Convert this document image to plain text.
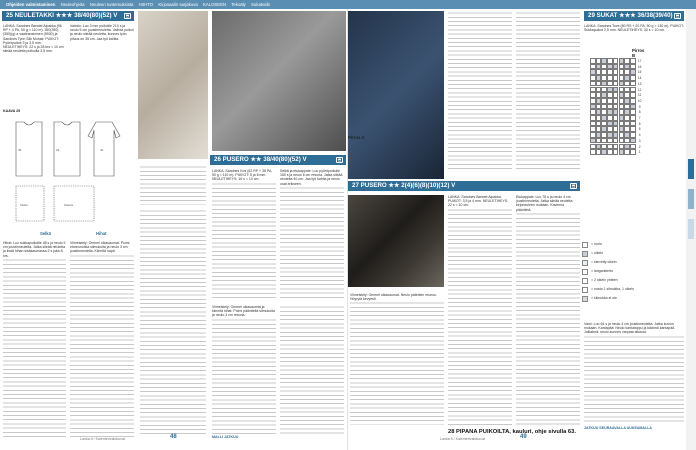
Ohjeiden valmistaminen Neuleohjeita Neuleen tuntemuksista HIIHTO Kirjosaalin sarjakuva KALOSEEN Tekoäly Sukatvalit
25 NEULETAKKI ★★★ 38/40(80)(52) V	⬒
LANKA: Sandnes Børstet Alpakka (96 RP + 4 PA, 50 g = 110 m): 350(350)(350)(g) a vaaleansininen (5930) ja Sandnes Tynn Silk Mohair. PUIKOT: Pyöröpuikot 3 ja 3,5 mm. NEULETIHEYS: 22 s ja 28 krs = 10 cm sileää neuletta puikoilla 3,5 mm.
Vartalo: Luo 3 mm puikoille 210 s ja neulo 5 cm joustinneuletta. Vaihda puikot ja neulo sileää neuletta, kunnes työn pituus on 35 cm. Jaa työ kahtia.
KAAVA 25
46	23	42
Tasku	Kaulus
Selkä	Hihat
Hihat: Luo sukkapuikoille 48 s ja neulo 5 cm joustinneuletta. Jatka sileää neuletta ja lisää hihan sisäsaumassa 2 s joka 8. krs.
Viimeistely: Ommel olkasaumat. Poimi etureunoista silmukoita ja neulo 3 cm joustinneuletta. Kiinnitä napit.
26 PUSERO ★★ 38/40(80)(52) V	⬒
LANKA: Sandnes Kos (62 RP + 38 PA, 50 g = 110 m). PUIKOT: 5 ja 6 mm. NEULETIHEYS: 16 s = 10 cm.
Selkä ja etukappale: Luo pyöröpuikolle 160 s ja neulo 6 cm resoria. Jatka sileää neuletta 40 cm. Jaa työ kahtia ja neulo osat erikseen.
Viimeistely: Ommel olkasaumat ja kiinnitä hihat. Poimi pääntieltä silmukoita ja neulo 3 cm resoria.
MALLI JATKUU
27 PUSERO ★★ 2(4)(6)(8)(10)(12) V	⬒
LANKA: Sandnes Børstet Alpakka. PUIKOT: 3,5 ja 4 mm. NEULETIHEYS: 22 s = 10 cm.
Etukappale: Luo 78 s ja neulo 4 cm joustinneuletta. Jatka sileää neuletta kirjoneuleen mukaan. Kavenna pääntietä.
Viimeistely: Ommel olkasaumat. Neulo pääntien reunus. Höyrytä kevyesti.
28 PIPANA PUIKOILTA, kauluri, ohje sivulla 63.
29 SUKAT ★★★ 36/38(39/40) ⬒
LANKA: Sandnes Tove (80 RS + 20 PA, 50 g = 130 m). PUIKOT: Sukkapuikot 2,5 mm. NEULETIHEYS: 30 s = 10 cm.
Pirros A
Pirros B
17
16
15
14
13
12
11
10
9
8
7
6
5
4
3
2
1
= nurin
= oikein
= kierretty oikein
= langankierto
= 2 oikein yhteen
= nosta 1 silmukka, 1 oikein
= silmukka ei ole
Varsi: Luo 64 s ja neulo 3 cm joustinneuletta. Jatka kuvion mukaan. Kantapää: Neulo kantalappu ja käännä kantapää. Jalkaterä: neulo kunnes varpaat alkavat.
JATKUU SEURAAVALLA AUKEAMALLA
Lanka.fi / Kalenterivalokuvat	48	49
Lanka.fi / Kalenterivalokuvat
